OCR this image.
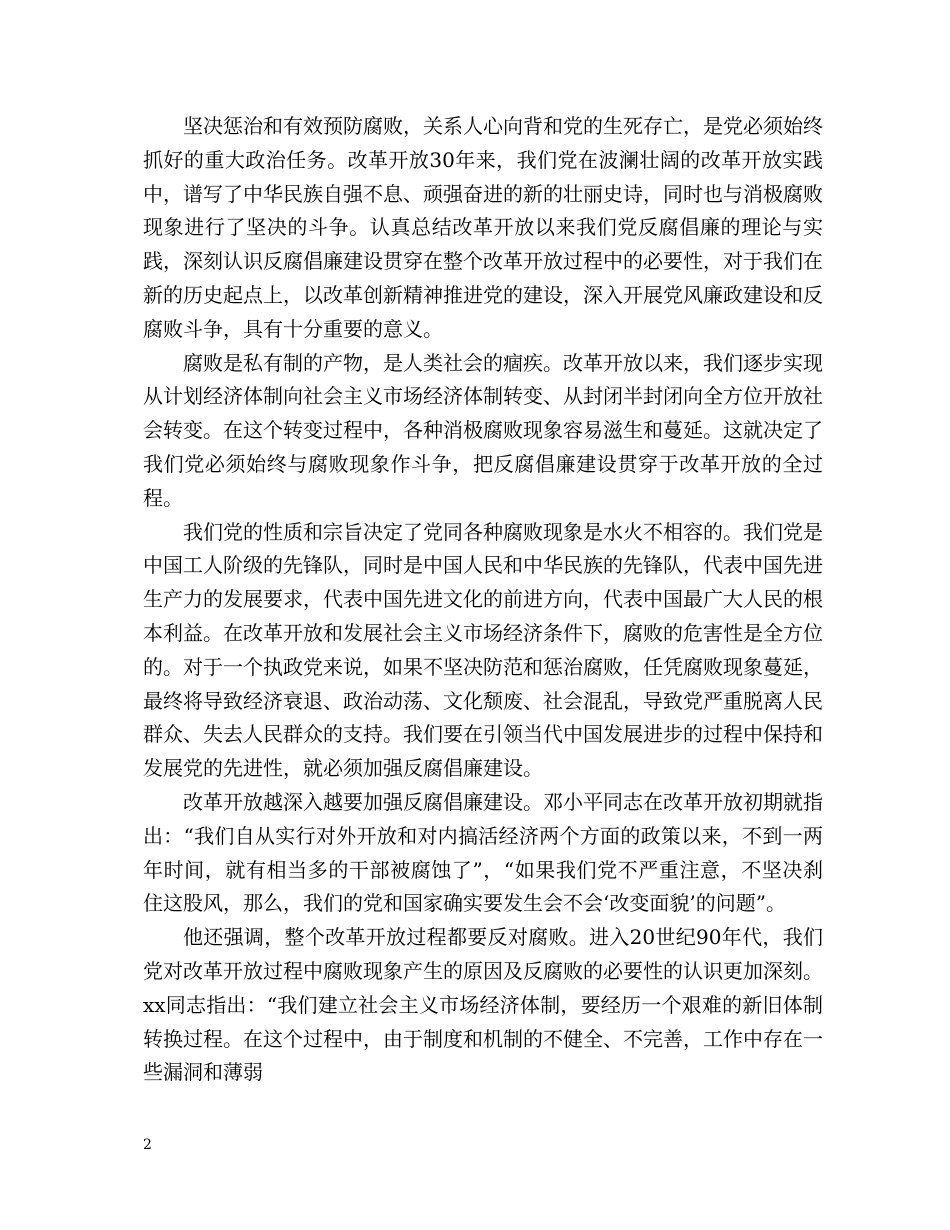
坚决惩治和有效预防腐败，关系人心向背和党的生死存亡，是党必须始终抓好的重大政治任务。改革开放30年来，我们党在波澜壮阔的改革开放实践中，谱写了中华民族自强不息、顽强奋进的新的壮丽史诗，同时也与消极腐败现象进行了坚决的斗争。认真总结改革开放以来我们党反腐倡廉的理论与实践，深刻认识反腐倡廉建设贯穿在整个改革开放过程中的必要性，对于我们在新的历史起点上，以改革创新精神推进党的建设，深入开展党风廉政建设和反腐败斗争，具有十分重要的意义。

腐败是私有制的产物，是人类社会的痼疾。改革开放以来，我们逐步实现从计划经济体制向社会主义市场经济体制转变、从封闭半封闭向全方位开放社会转变。在这个转变过程中，各种消极腐败现象容易滋生和蔓延。这就决定了我们党必须始终与腐败现象作斗争，把反腐倡廉建设贯穿于改革开放的全过程。

我们党的性质和宗旨决定了党同各种腐败现象是水火不相容的。我们党是中国工人阶级的先锋队，同时是中国人民和中华民族的先锋队，代表中国先进生产力的发展要求，代表中国先进文化的前进方向，代表中国最广大人民的根本利益。在改革开放和发展社会主义市场经济条件下，腐败的危害性是全方位的。对于一个执政党来说，如果不坚决防范和惩治腐败，任凭腐败现象蔓延，最终将导致经济衰退、政治动荡、文化颓废、社会混乱，导致党严重脱离人民群众、失去人民群众的支持。我们要在引领当代中国发展进步的过程中保持和发展党的先进性，就必须加强反腐倡廉建设。

改革开放越深入越要加强反腐倡廉建设。邓小平同志在改革开放初期就指出：“我们自从实行对外开放和对内搞活经济两个方面的政策以来，不到一两年时间，就有相当多的干部被腐蚀了”，“如果我们党不严重注意，不坚决刹住这股风，那么，我们的党和国家确实要发生会不会‘改变面貌’的问题”。

他还强调，整个改革开放过程都要反对腐败。进入20世纪90年代，我们党对改革开放过程中腐败现象产生的原因及反腐败的必要性的认识更加深刻。xx同志指出：“我们建立社会主义市场经济体制，要经历一个艰难的新旧体制转换过程。在这个过程中，由于制度和机制的不健全、不完善，工作中存在一些漏洞和薄弱

2
